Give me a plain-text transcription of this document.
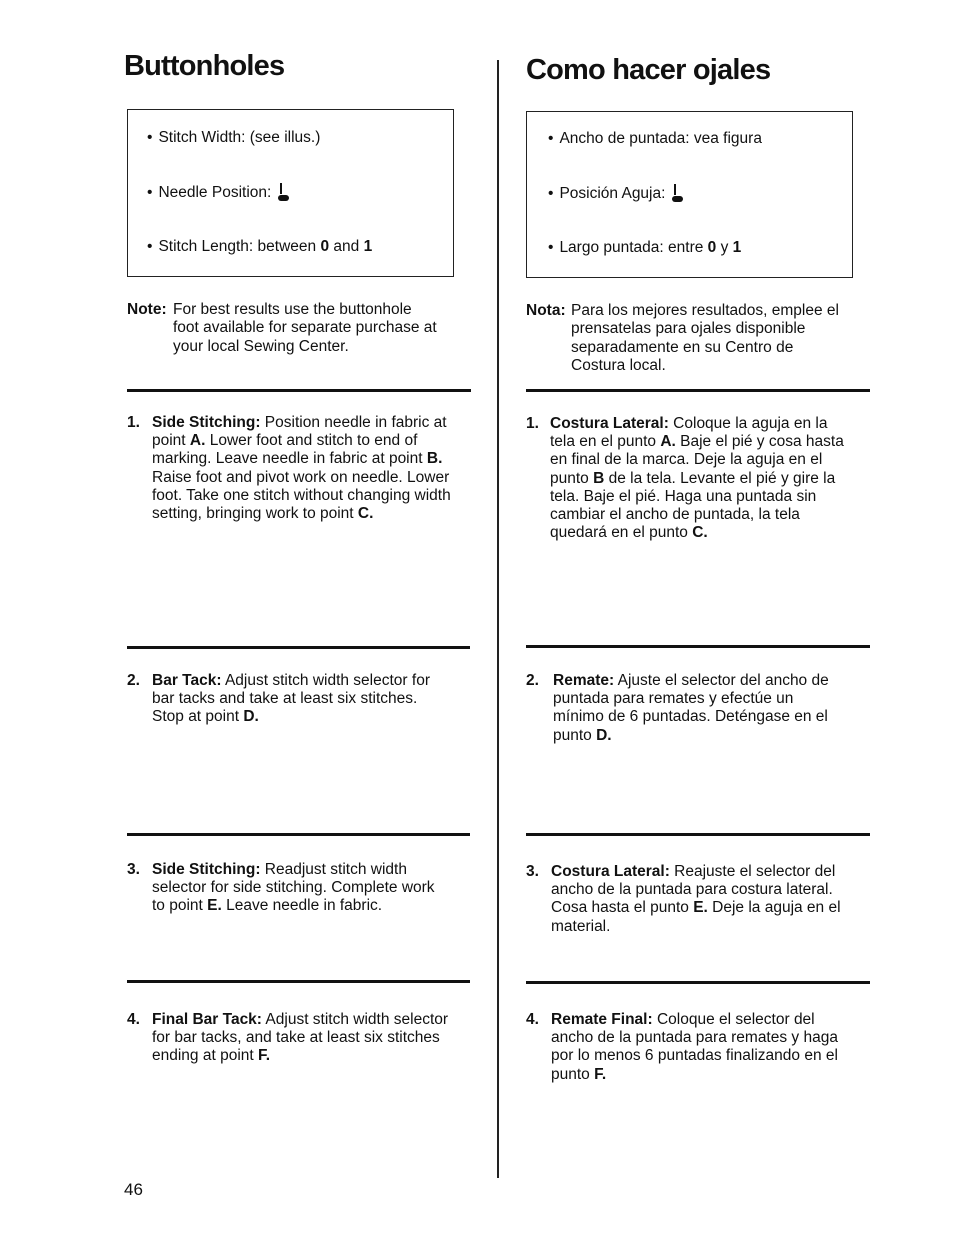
Buttonholes
• Stitch Width: (see illus.)
• Needle Position:
• Stitch Length: between 0 and 1
Note: For best results use the buttonhole
foot available for separate purchase at
your local Sewing Center.
1. Side Stitching: Position needle in fabric at point A. Lower foot and stitch to end of marking. Leave needle in fabric at point B. Raise foot and pivot work on needle. Lower foot. Take one stitch without changing width setting, bringing work to point C.
2. Bar Tack: Adjust stitch width selector for bar tacks and take at least six stitches. Stop at point D.
3. Side Stitching: Readjust stitch width selector for side stitching. Complete work to point E. Leave needle in fabric.
4. Final Bar Tack: Adjust stitch width selector for bar tacks, and take at least six stitches ending at point F.
46
Como hacer ojales
• Ancho de puntada: vea figura
• Posición Aguja:
• Largo puntada: entre 0 y 1
Nota: Para los mejores resultados, emplee el
prensatelas para ojales disponible
separadamente en su Centro de
Costura local.
1. Costura Lateral: Coloque la aguja en la tela en el punto A. Baje el pié y cosa hasta en final de la marca. Deje la aguja en el punto B de la tela. Levante el pié y gire la tela. Baje el pié. Haga una puntada sin cambiar el ancho de puntada, la tela quedará en el punto C.
2. Remate: Ajuste el selector del ancho de puntada para remates y efectúe un mínimo de 6 puntadas. Deténgase en el punto D.
3. Costura Lateral: Reajuste el selector del ancho de la puntada para costura lateral. Cosa hasta el punto E. Deje la aguja en el material.
4. Remate Final: Coloque el selector del ancho de la puntada para remates y haga por lo menos 6 puntadas finalizando en el punto F.
